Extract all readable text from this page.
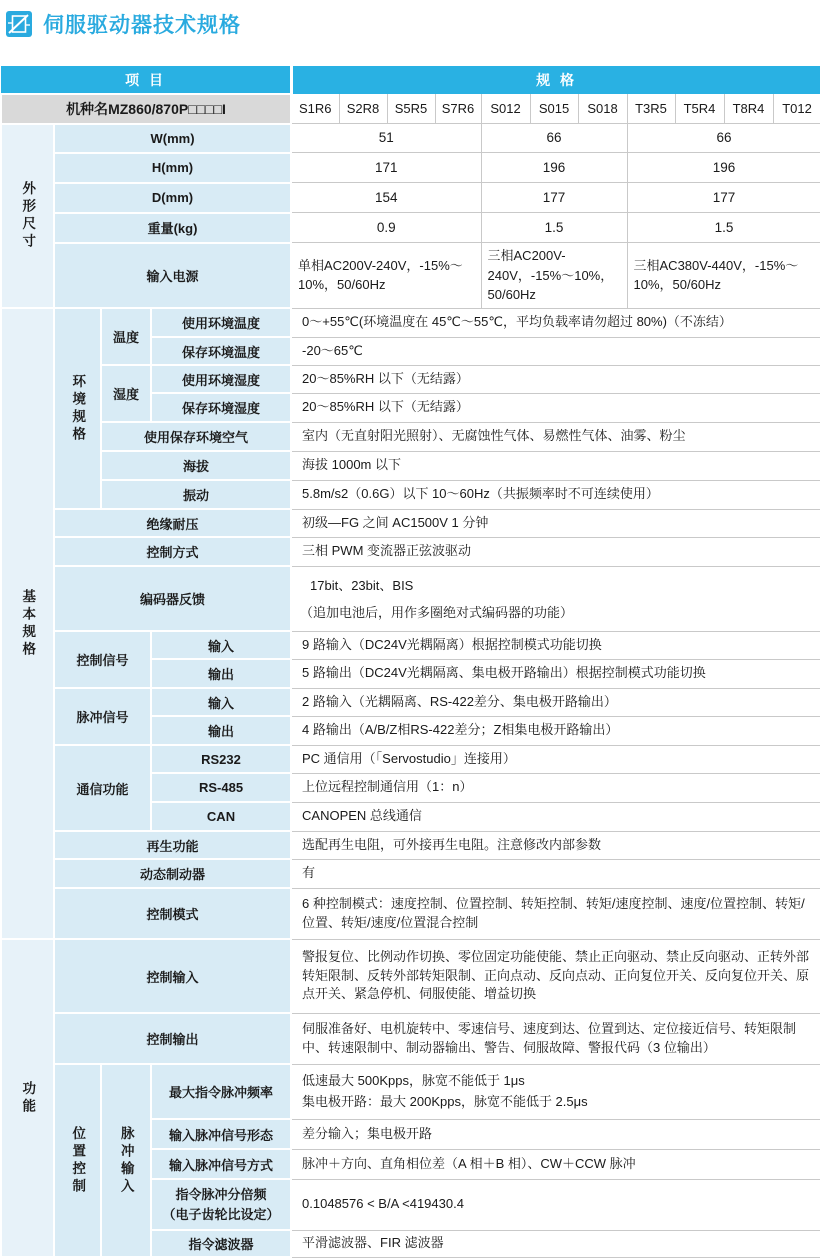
伺服驱动器技术规格
项 目				规 格										
机种名MZ860/870P□□□□I				S1R6	S2R8	S5R5	S7R6	S012	S015	S018	T3R5	T5R4	T8R4	T012

外形尺寸	W(mm)			51				66			66			
	H(mm)			171				196			196			
	D(mm)			154				177			177			
	重量(kg)			0.9				1.5			1.5			
	输入电源			单相AC200V-240V，-15%～10%，50/60Hz				三相AC200V-240V，-15%～10%，50/60Hz			三相AC380V-440V，-15%～10%，50/60Hz			

基本规格	环境规格	温度	使用环境温度	0～+55℃(环境温度在 45℃～55℃，平均负载率请勿超过 80%)（不冻结）										
			保存环境温度	-20～65℃										
		湿度	使用环境湿度	20～85%RH 以下（无结露）										
			保存环境湿度	20～85%RH 以下（无结露）										
		使用保存环境空气		室内（无直射阳光照射）、无腐蚀性气体、易燃性气体、油雾、粉尘										
		海拔		海拔 1000m 以下										
		振动		5.8m/s2（0.6G）以下 10～60Hz（共振频率时不可连续使用）										
	绝缘耐压			初级—FG 之间 AC1500V 1 分钟										
	控制方式			三相 PWM 变流器正弦波驱动										
	编码器反馈			17bit、23bit、BIS
（追加电池后，用作多圈绝对式编码器的功能）										

	控制信号		输入	9 路输入（DC24V光耦隔离）根据控制模式功能切换										
			输出	5 路输出（DC24V光耦隔离、集电极开路输出）根据控制模式功能切换										
	脉冲信号		输入	2 路输入（光耦隔离、RS-422差分、集电极开路输出）										
			输出	4 路输出（A/B/Z相RS-422差分；Z相集电极开路输出）										
	通信功能		RS232	PC 通信用（「Servostudio」连接用）										
			RS-485	上位远程控制通信用（1：n）										
			CAN	CANOPEN 总线通信										
	再生功能			选配再生电阻，可外接再生电阻。注意修改内部参数										
	动态制动器			有										
	控制模式			6 种控制模式：速度控制、位置控制、转矩控制、转矩/速度控制、速度/位置控制、转矩/位置、转矩/速度/位置混合控制										

功能	控制输入			警报复位、比例动作切换、零位固定功能使能、禁止正向驱动、禁止反向驱动、正转外部转矩限制、反转外部转矩限制、正向点动、反向点动、正向复位开关、反向复位开关、原点开关、紧急停机、伺服使能、增益切换										
	控制输出			伺服准备好、电机旋转中、零速信号、速度到达、位置到达、定位接近信号、转矩限制中、转速限制中、制动器输出、警告、伺服故障、警报代码（3 位输出）										

	位置控制	脉冲输入	最大指令脉冲频率	低速最大 500Kpps，脉宽不能低于 1μs
集电极开路：最大 200Kpps，脉宽不能低于 2.5μs										

			输入脉冲信号形态	差分输入；集电极开路										
			输入脉冲信号方式	脉冲＋方向、直角相位差（A 相＋B 相）、CW＋CCW 脉冲										

			指令脉冲分倍频
（电子齿轮比设定）	0.1048576 < B/A <419430.4										
			指令滤波器	平滑滤波器、FIR 滤波器										
